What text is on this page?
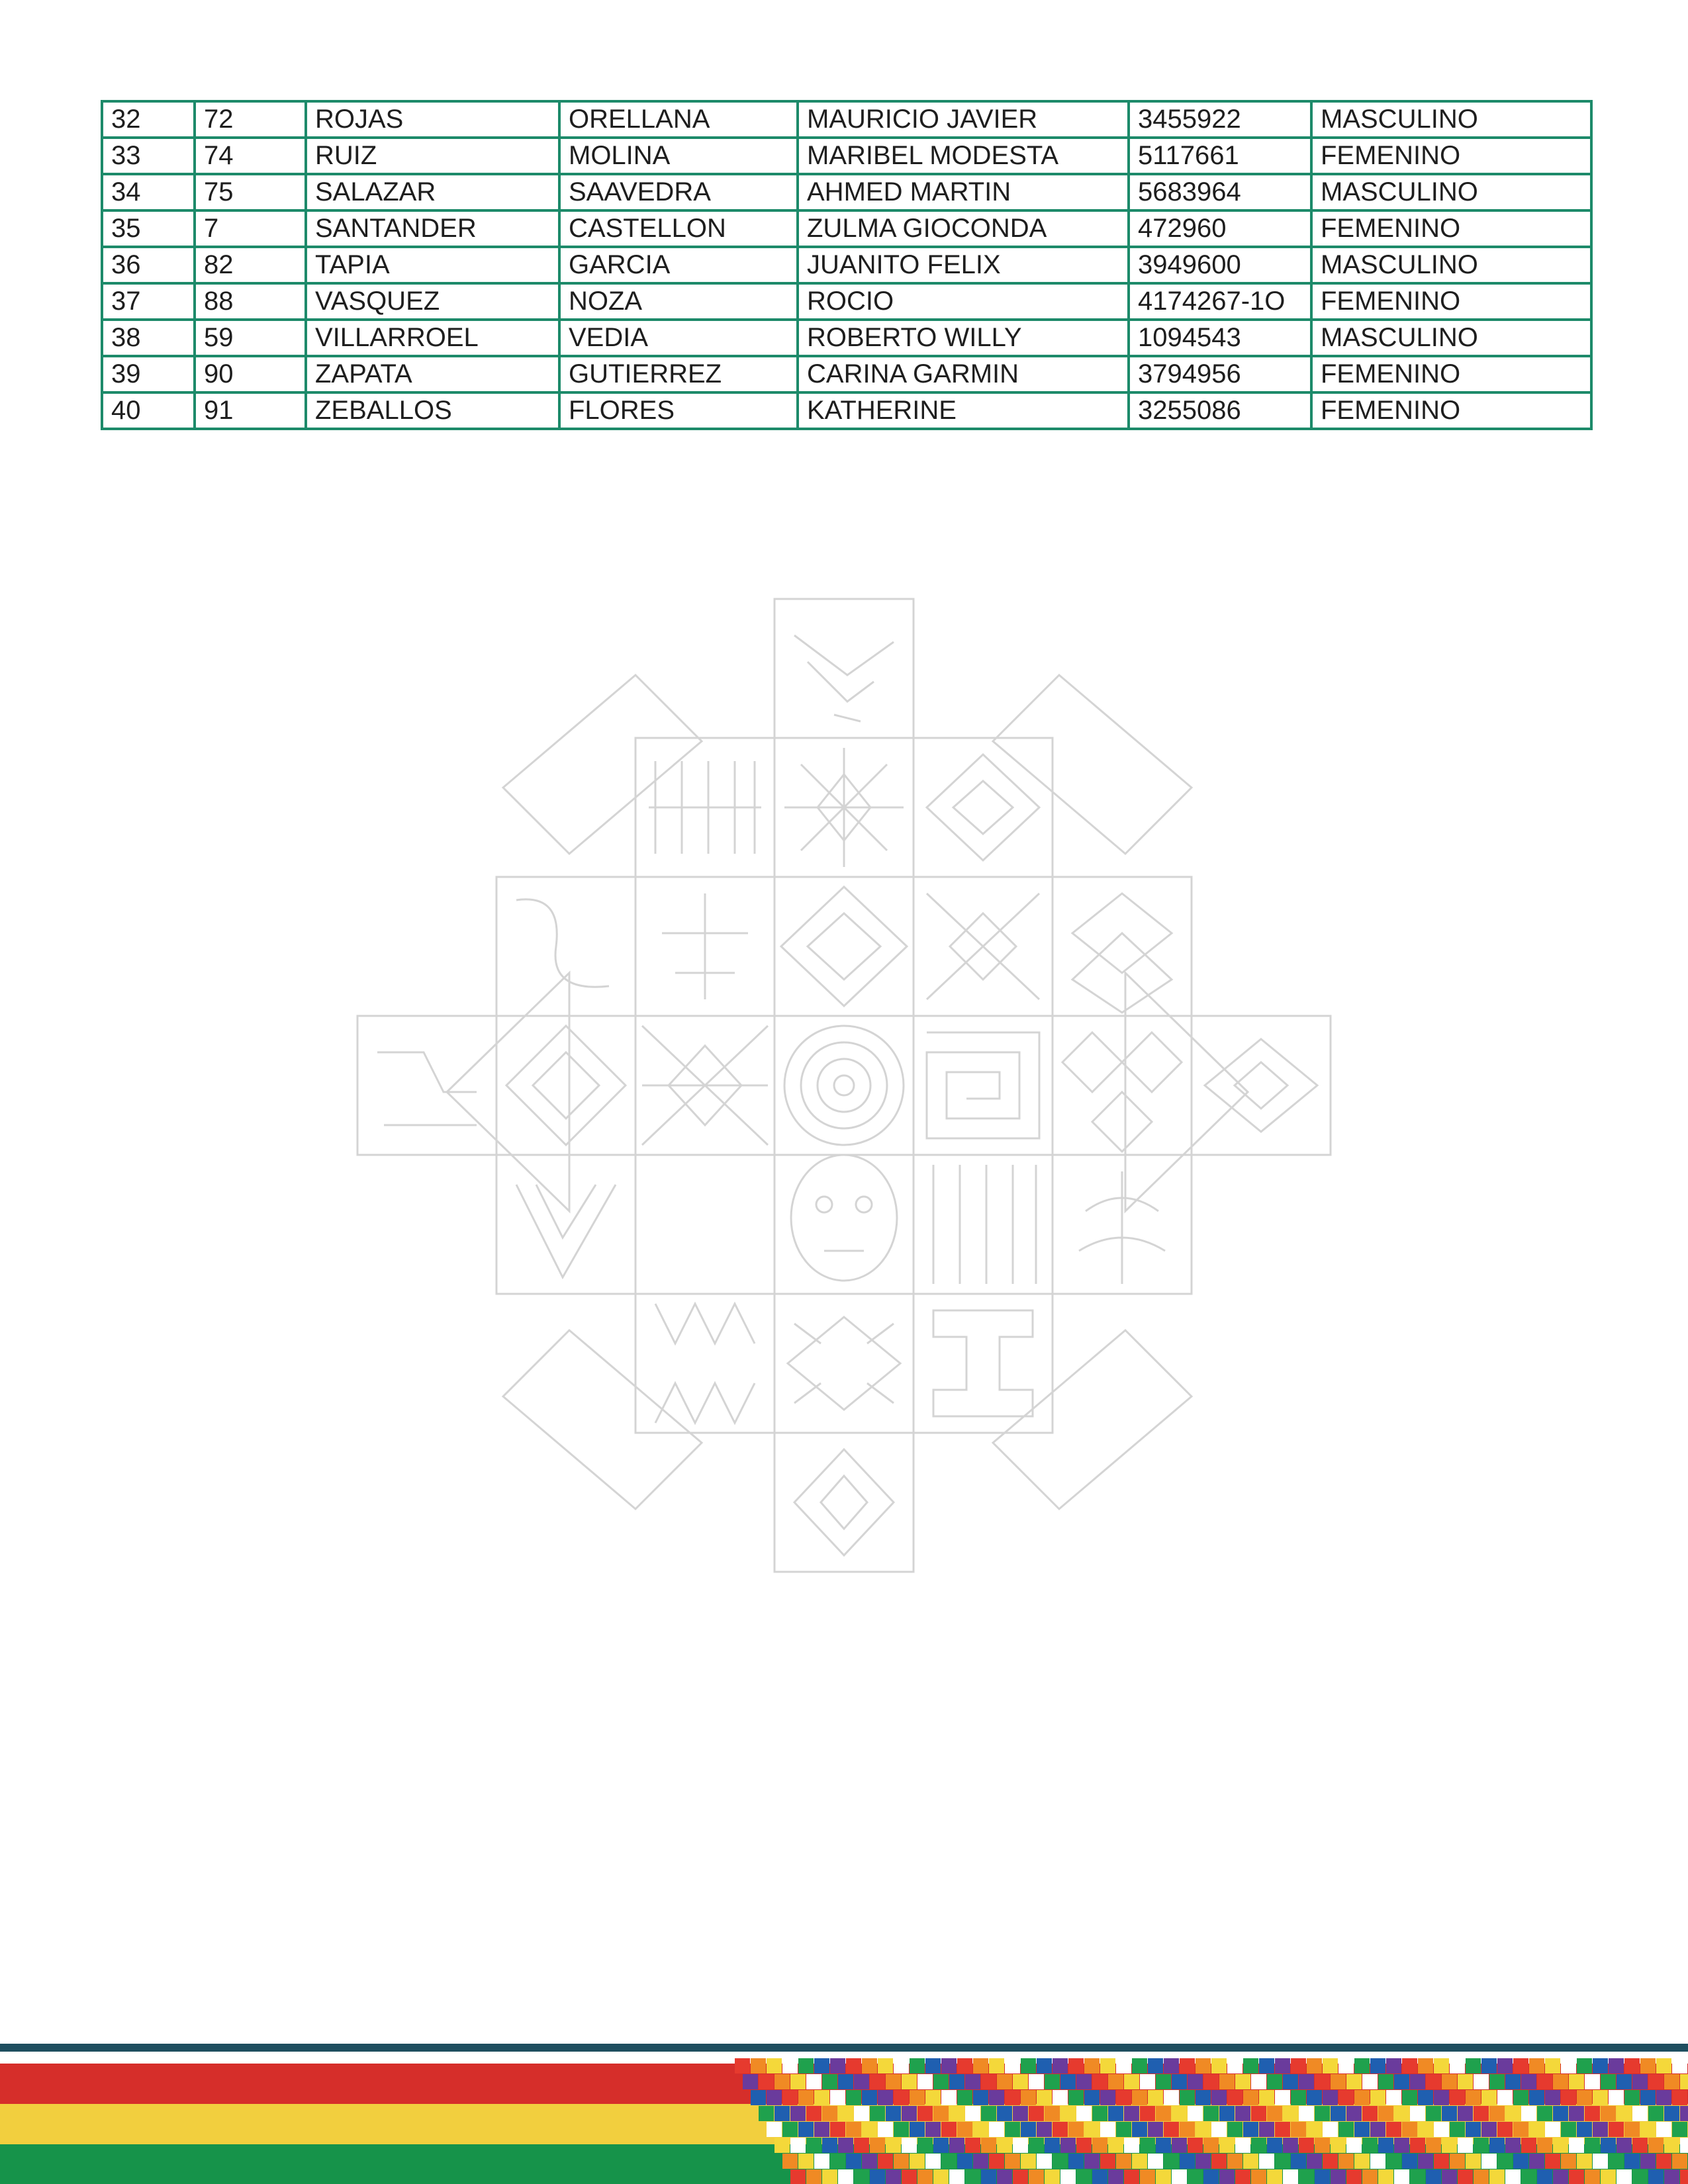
32	72	ROJAS	ORELLANA	MAURICIO JAVIER	3455922	MASCULINO
33	74	RUIZ	MOLINA	MARIBEL MODESTA	5117661	FEMENINO
34	75	SALAZAR	SAAVEDRA	AHMED MARTIN	5683964	MASCULINO
35	7	SANTANDER	CASTELLON	ZULMA GIOCONDA	472960	FEMENINO
36	82	TAPIA	GARCIA	JUANITO FELIX	3949600	MASCULINO
37	88	VASQUEZ	NOZA	ROCIO	4174267-1O	FEMENINO
38	59	VILLARROEL	VEDIA	ROBERTO WILLY	1094543	MASCULINO
39	90	ZAPATA	GUTIERREZ	CARINA GARMIN	3794956	FEMENINO
40	91	ZEBALLOS	FLORES	KATHERINE	3255086	FEMENINO
